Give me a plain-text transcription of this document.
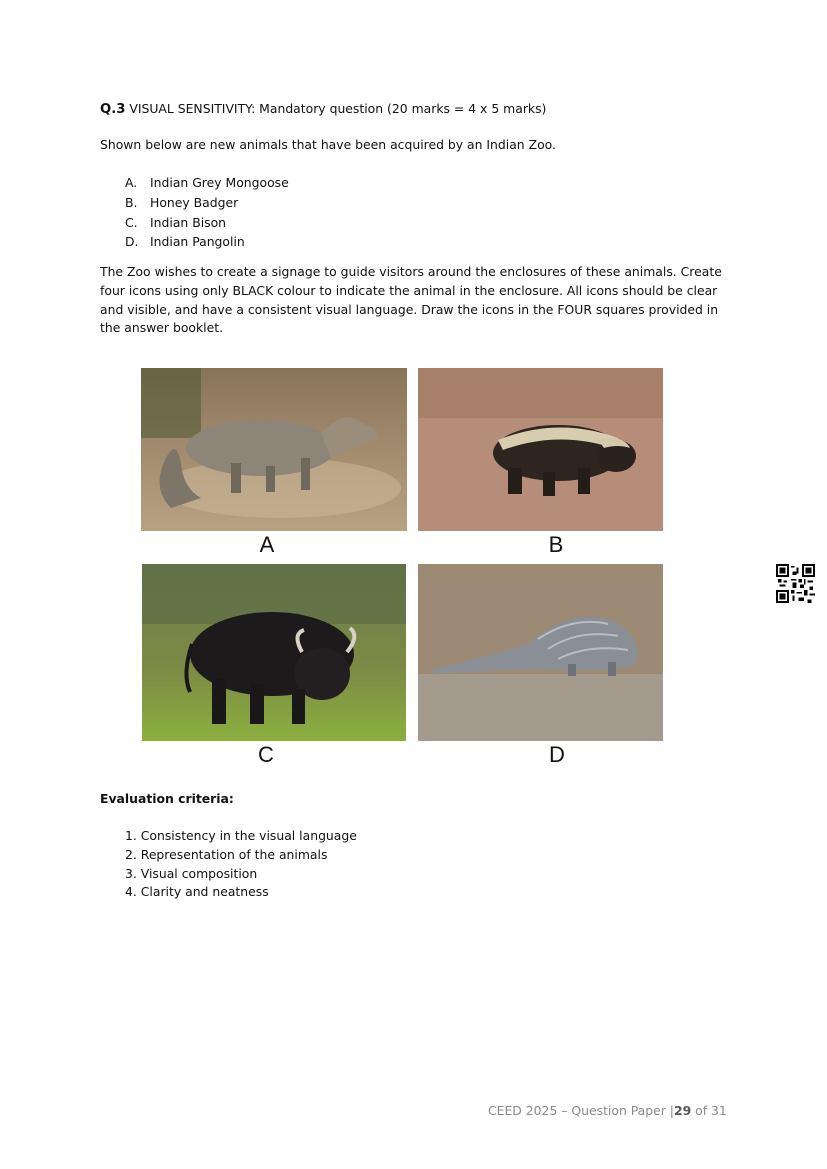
Q.3 VISUAL SENSITIVITY: Mandatory question (20 marks = 4 x 5 marks)
Shown below are new animals that have been acquired by an Indian Zoo.
A. Indian Grey Mongoose
B. Honey Badger
C. Indian Bison
D. Indian Pangolin
The Zoo wishes to create a signage to guide visitors around the enclosures of these animals. Create four icons using only BLACK colour to indicate the animal in the enclosure. All icons should be clear and visible, and have a consistent visual language. Draw the icons in the FOUR squares provided in the answer booklet.
A	B
C	D
Evaluation criteria:
1. Consistency in the visual language
2. Representation of the animals
3. Visual composition
4. Clarity and neatness
CEED 2025 – Question Paper |29 of 31
